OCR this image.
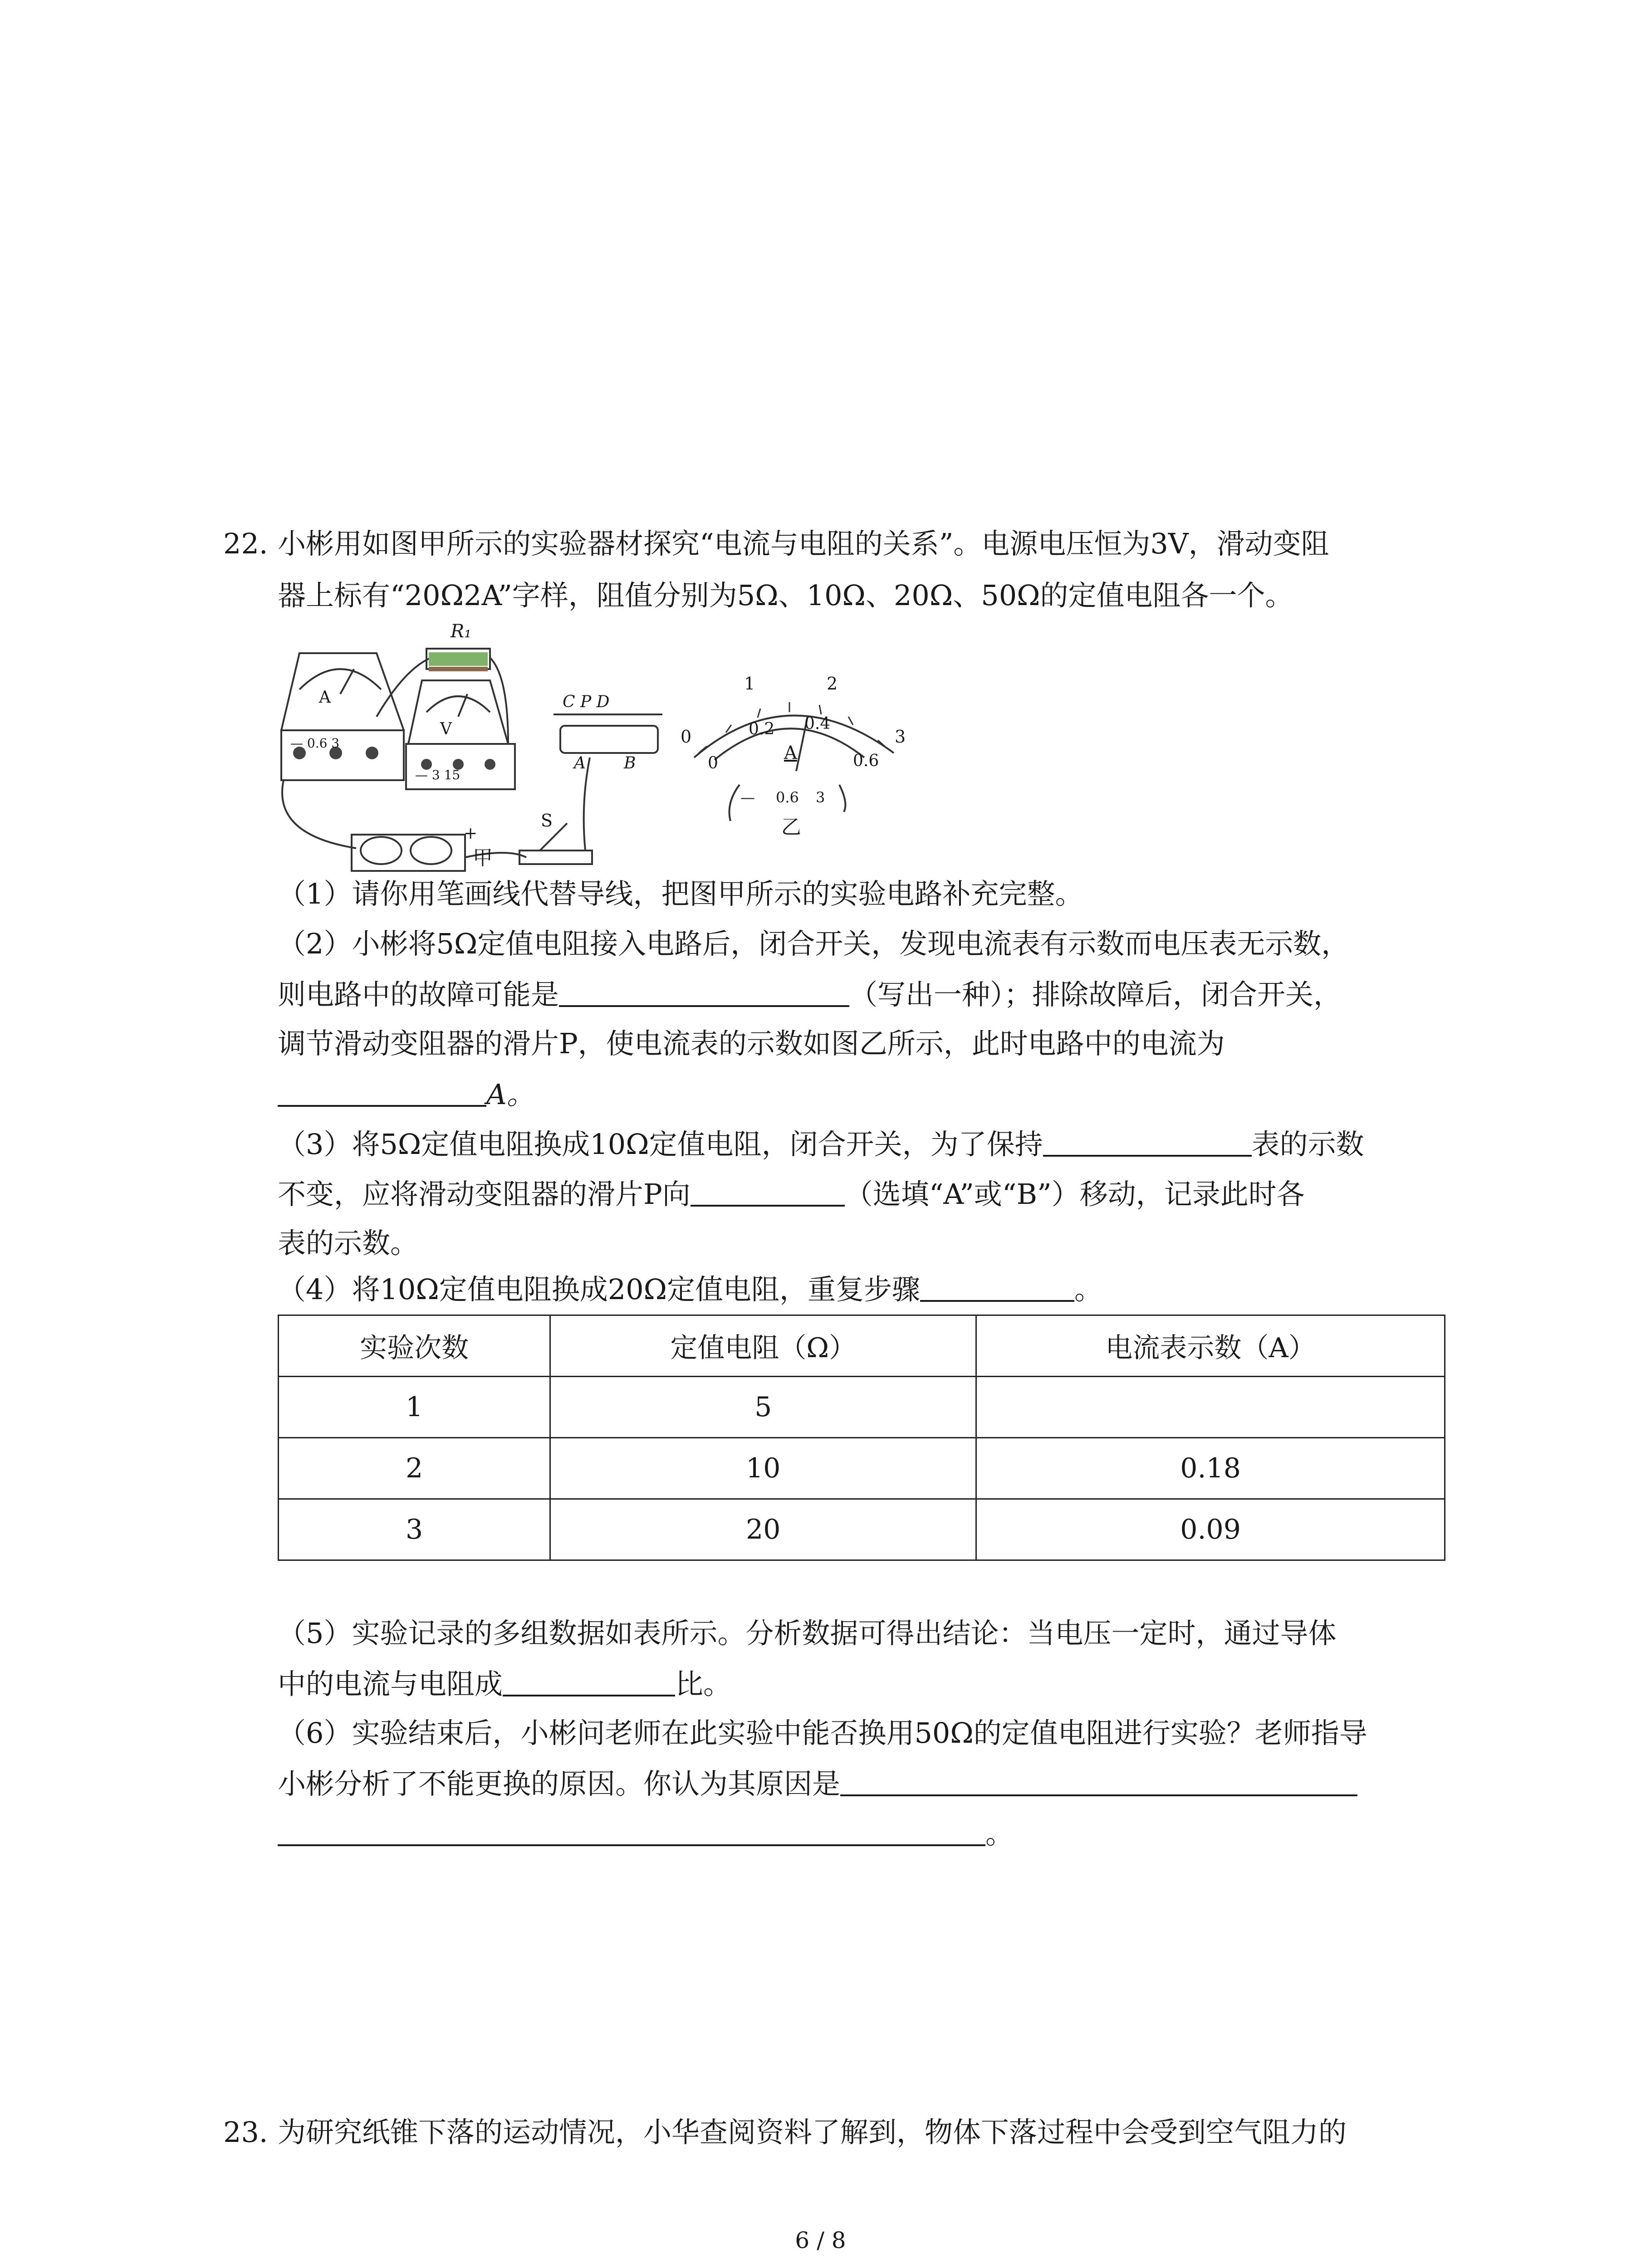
22. 小彬用如图甲所示的实验器材探究“电流与电阻的关系”。电源电压恒为3V，滑动变阻
器上标有“20Ω2A”字样，阻值分别为5Ω、10Ω、20Ω、50Ω的定值电阻各一个。
R₁
A
— 0.6 3
V
— 3 15
C P D
A B
S
+
甲
0
1	2
3
0
0.2 0.4
0.6
A
— 0.6 3
乙
（1）请你用笔画线代替导线，把图甲所示的实验电路补充完整。
（2）小彬将5Ω定值电阻接入电路后，闭合开关，发现电流表有示数而电压表无示数，
则电路中的故障可能是	（写出一种）；排除故障后，闭合开关，
调节滑动变阻器的滑片P，使电流表的示数如图乙所示，此时电路中的电流为
A。
（3）将5Ω定值电阻换成10Ω定值电阻，闭合开关，为了保持	表的示数
不变，应将滑动变阻器的滑片P向	（选填“A”或“B”）移动，记录此时各
表的示数。
（4）将10Ω定值电阻换成20Ω定值电阻，重复步骤	。
实验次数	定值电阻（Ω）	电流表示数（A）
1	5	
2	10	0.18
3	20	0.09
（5）实验记录的多组数据如表所示。分析数据可得出结论：当电压一定时，通过导体
中的电流与电阻成	比。
（6）实验结束后，小彬问老师在此实验中能否换用50Ω的定值电阻进行实验？老师指导
小彬分析了不能更换的原因。你认为其原因是
。
23. 为研究纸锥下落的运动情况，小华查阅资料了解到，物体下落过程中会受到空气阻力的
6 / 8
